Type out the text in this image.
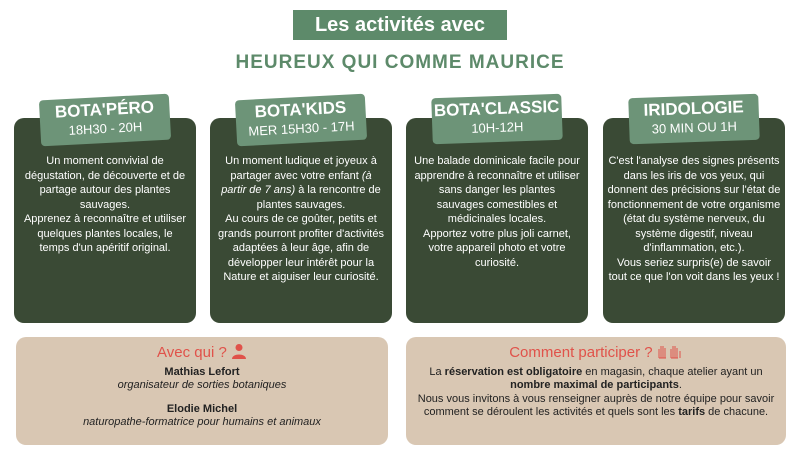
Les activités avec
HEUREUX QUI COMME MAURICE
Un moment convivial de dégustation, de découverte et de partage autour des plantes sauvages.
Apprenez à reconnaître et utiliser quelques plantes locales, le temps d'un apéritif original.
BOTA'PÉRO
18H30 - 20H
Un moment ludique et joyeux à partager avec votre enfant (à partir de 7 ans) à la rencontre de plantes sauvages.
Au cours de ce goûter, petits et grands pourront profiter d'activités adaptées à leur âge, afin de développer leur intérêt pour la Nature et aiguiser leur curiosité.
BOTA'KIDS
MER 15H30 - 17H
Une balade dominicale facile pour apprendre à reconnaître et utiliser sans danger les plantes sauvages comestibles et médicinales locales.
Apportez votre plus joli carnet, votre appareil photo et votre curiosité.
BOTA'CLASSIC
10H-12H
C'est l'analyse des signes présents dans les iris de vos yeux, qui donnent des précisions sur l'état de fonctionnement de votre organisme (état du système nerveux, du système digestif, niveau d'inflammation, etc.).
Vous seriez surpris(e) de savoir tout ce que l'on voit dans les yeux !
IRIDOLOGIE
30 MIN OU 1H
Avec qui ?
Mathias Lefort
organisateur de sorties botaniques
Elodie Michel
naturopathe-formatrice pour humains et animaux
Comment participer ?
La réservation est obligatoire en magasin, chaque atelier ayant un nombre maximal de participants.
Nous vous invitons à vous renseigner auprès de notre équipe pour savoir comment se déroulent les activités et quels sont les tarifs de chacune.
